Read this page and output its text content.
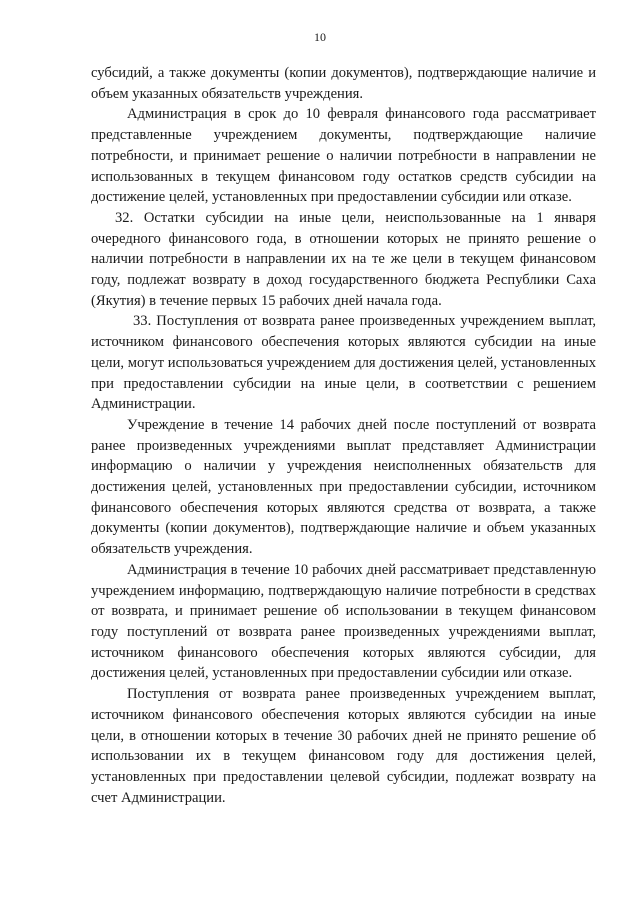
10

субсидий, а также документы (копии документов), подтверждающие наличие и объем указанных обязательств учреждения.

Администрация в срок до 10 февраля финансового года рассматривает представленные учреждением документы, подтверждающие наличие потребности, и принимает решение о наличии потребности в направлении не использованных в текущем финансовом году остатков средств субсидии на достижение целей, установленных при предоставлении субсидии или отказе.

32. Остатки субсидии на иные цели, неиспользованные на 1 января очередного финансового года, в отношении которых не принято решение о наличии потребности в направлении их на те же цели в текущем финансовом году, подлежат возврату в доход государственного бюджета Республики Саха (Якутия) в течение первых 15 рабочих дней начала года.

33. Поступления от возврата ранее произведенных учреждением выплат, источником финансового обеспечения которых являются субсидии на иные цели, могут использоваться учреждением для достижения целей, установленных при предоставлении субсидии на иные цели, в соответствии с решением Администрации.

Учреждение в течение 14 рабочих дней после поступлений от возврата ранее произведенных учреждениями выплат представляет Администрации информацию о наличии у учреждения неисполненных обязательств для достижения целей, установленных при предоставлении субсидии, источником финансового обеспечения которых являются средства от возврата, а также документы (копии документов), подтверждающие наличие и объем указанных обязательств учреждения.

Администрация в течение 10 рабочих дней рассматривает представленную учреждением информацию, подтверждающую наличие потребности в средствах от возврата, и принимает решение об использовании в текущем финансовом году поступлений от возврата ранее произведенных учреждениями выплат, источником финансового обеспечения которых являются субсидии, для достижения целей, установленных при предоставлении субсидии или отказе.

Поступления от возврата ранее произведенных учреждением выплат, источником финансового обеспечения которых являются субсидии на иные цели, в отношении которых в течение 30 рабочих дней не принято решение об использовании их в текущем финансовом году для достижения целей, установленных при предоставлении целевой субсидии, подлежат возврату на счет Администрации.
